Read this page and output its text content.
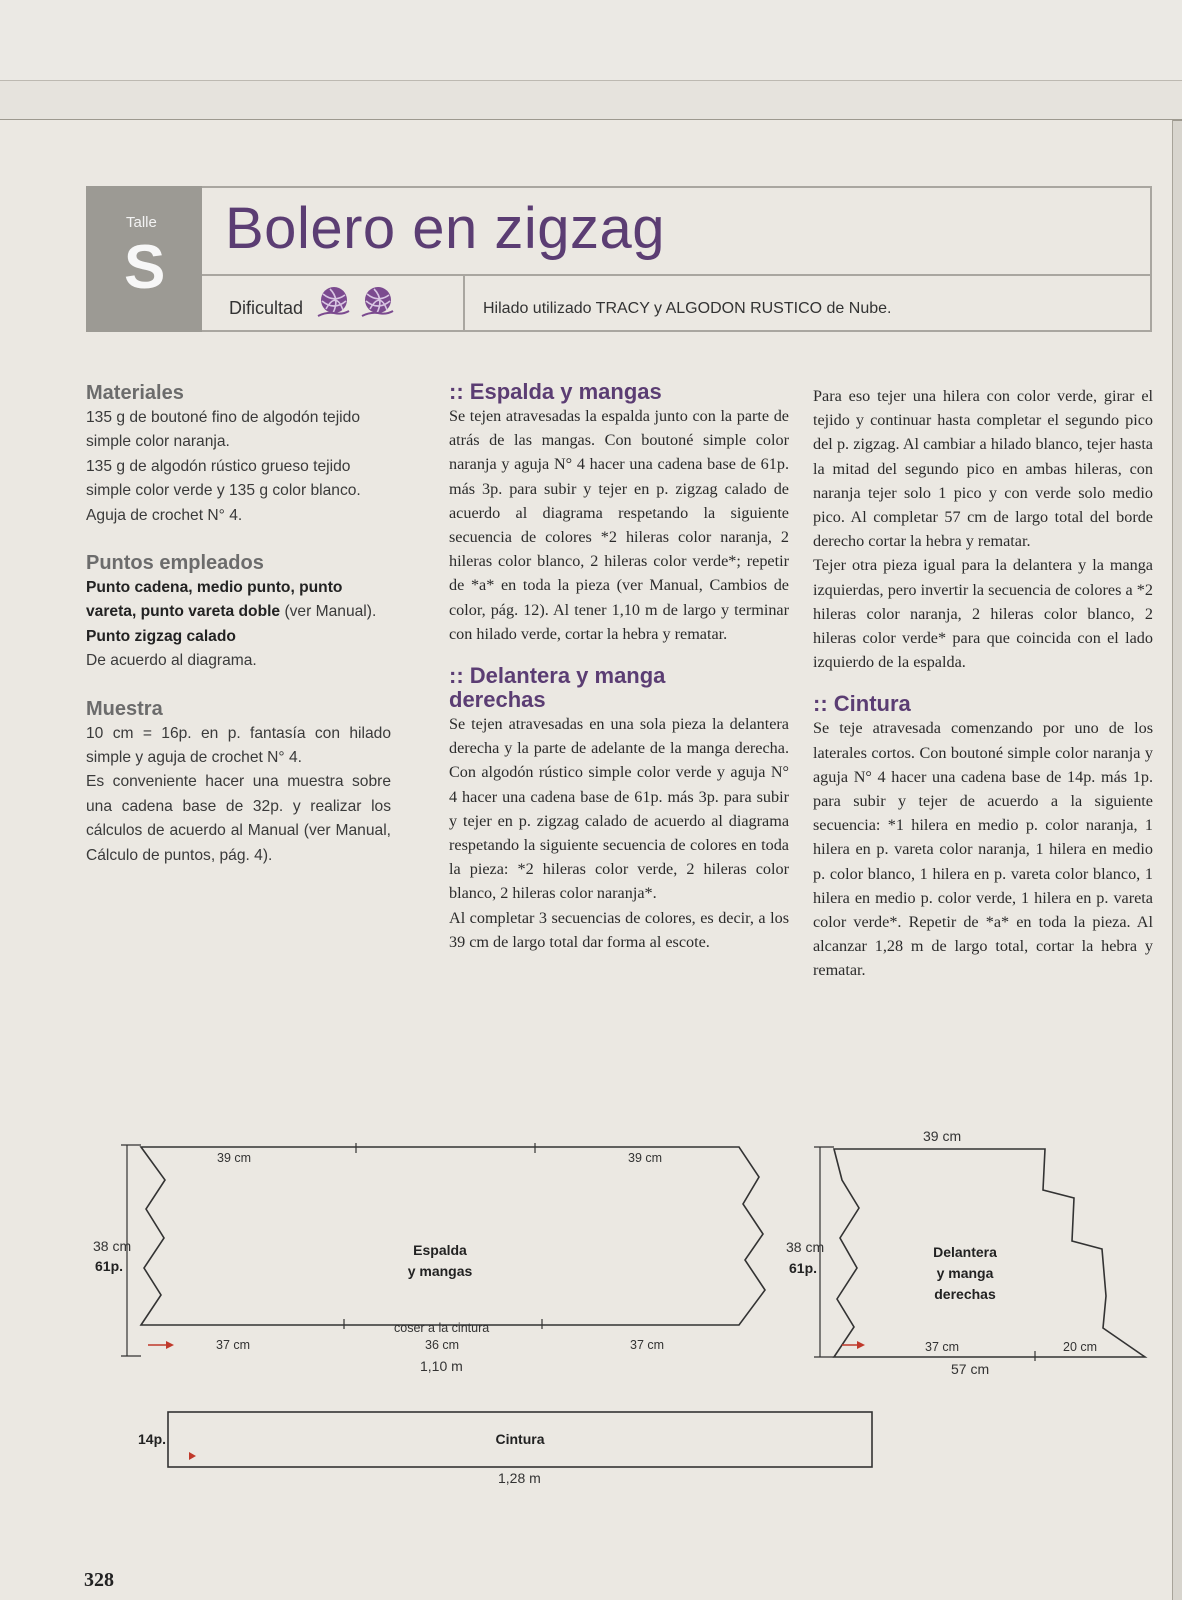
Talle
S
Bolero en zigzag
Dificultad	Hilado utilizado TRACY y ALGODON RUSTICO de Nube.
Materiales
135 g de boutoné fino de algodón tejido
simple color naranja.
135 g de algodón rústico grueso tejido
simple color verde y 135 g color blanco.
Aguja de crochet N° 4.
Puntos empleados
Punto cadena, medio punto, punto vareta, punto vareta doble (ver Manual).
Punto zigzag calado
De acuerdo al diagrama.
Muestra
10 cm = 16p. en p. fantasía con hilado simple y aguja de crochet N° 4.
Es conveniente hacer una muestra sobre una cadena base de 32p. y realizar los cálculos de acuerdo al Manual (ver Manual, Cálculo de puntos, pág. 4).
:: Espalda y mangas

Se tejen atravesadas la espalda junto con la parte de atrás de las mangas. Con boutoné simple color naranja y aguja N° 4 hacer una cadena base de 61p. más 3p. para subir y tejer en p. zigzag calado de acuerdo al diagrama respetando la siguiente secuencia de colores *2 hileras color naranja, 2 hileras color blanco, 2 hileras color verde*; repetir de *a* en toda la pieza (ver Manual, Cambios de color, pág. 12). Al tener 1,10 m de largo y terminar con hilado verde, cortar la hebra y rematar.

:: Delantera y manga
derechas

Se tejen atravesadas en una sola pieza la delantera derecha y la parte de adelante de la manga derecha. Con algodón rústico simple color verde y aguja N° 4 hacer una cadena base de 61p. más 3p. para subir y tejer en p. zigzag calado de acuerdo al diagrama respetando la siguiente secuencia de colores en toda la pieza: *2 hileras color verde, 2 hileras color blanco, 2 hileras color naranja*.

Al completar 3 secuencias de colores, es decir, a los 39 cm de largo total dar forma al escote.

Para eso tejer una hilera con color verde, girar el tejido y continuar hasta completar el segundo pico del p. zigzag. Al cambiar a hilado blanco, tejer hasta la mitad del segundo pico en ambas hileras, con naranja tejer solo 1 pico y con verde solo medio pico. Al completar 57 cm de largo total del borde derecho cortar la hebra y rematar.

Tejer otra pieza igual para la delantera y la manga izquierdas, pero invertir la secuencia de colores a *2 hileras color naranja, 2 hileras color blanco, 2 hileras color verde* para que coincida con el lado izquierdo de la espalda.

:: Cintura

Se teje atravesada comenzando por uno de los laterales cortos. Con boutoné simple color naranja y aguja N° 4 hacer una cadena base de 14p. más 1p. para subir y tejer de acuerdo a la siguiente secuencia: *1 hilera en medio p. color naranja, 1 hilera en p. vareta color naranja, 1 hilera en medio p. color blanco, 1 hilera en p. vareta color blanco, 1 hilera en medio p. color verde, 1 hilera en p. vareta color verde*. Repetir de *a* en toda la pieza. Al alcanzar 1,28 m de largo total, cortar la hebra y rematar.

39 cm	39 cm
38 cm
61p.
Espalda
y mangas
coser a la cintura
37 cm	36 cm	37 cm
1,10 m
39 cm
38 cm
61p.
Delantera
y manga
derechas
37 cm	20 cm
57 cm
14p.	Cintura
1,28 m
328
